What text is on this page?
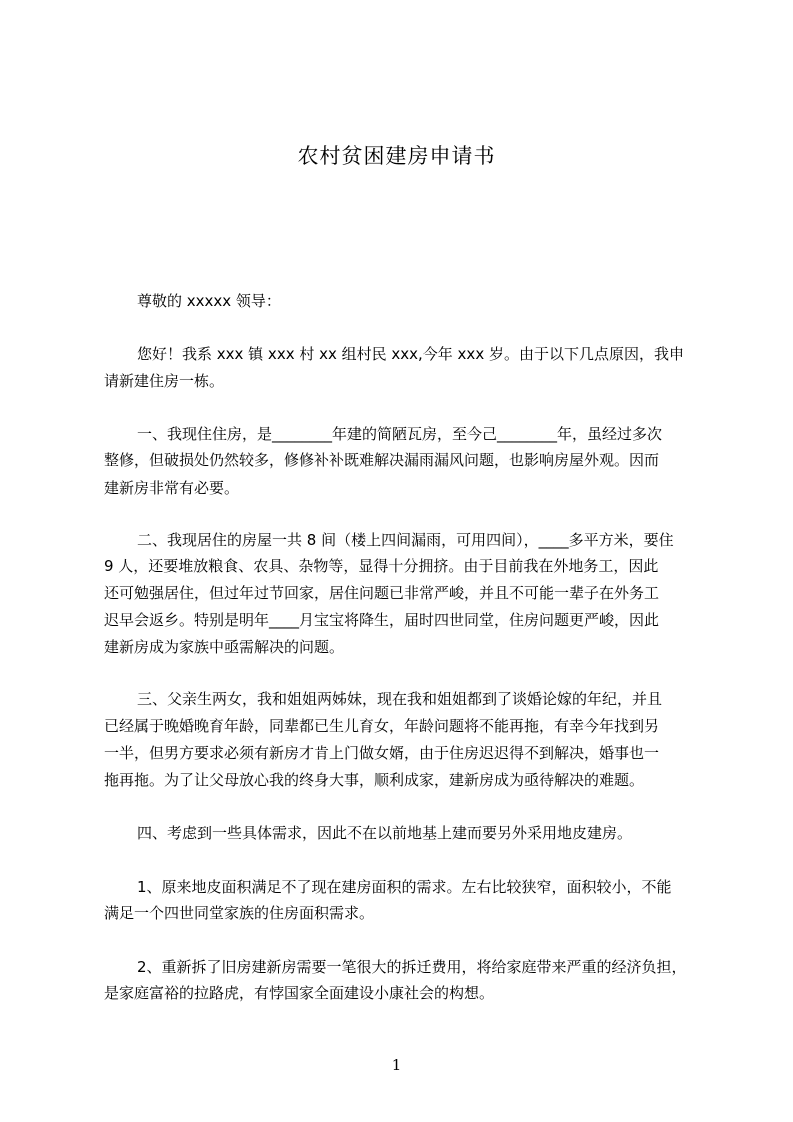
农村贫困建房申请书
尊敬的 xxxxx 领导：
您好！我系 xxx 镇 xxx 村 xx 组村民 xxx,今年 xxx 岁。由于以下几点原因，我申
请新建住房一栋。
一、我现住住房，是________年建的简陋瓦房，至今己________年，虽经过多次
整修，但破损处仍然较多，修修补补既难解决漏雨漏风问题，也影响房屋外观。因而
建新房非常有必要。
二、我现居住的房屋一共 8 间（楼上四间漏雨，可用四间），____多平方米，要住
9 人，还要堆放粮食、农具、杂物等，显得十分拥挤。由于目前我在外地务工，因此
还可勉强居住，但过年过节回家，居住问题已非常严峻，并且不可能一辈子在外务工
迟早会返乡。特别是明年____月宝宝将降生，届时四世同堂，住房问题更严峻，因此
建新房成为家族中亟需解决的问题。
三、父亲生两女，我和姐姐两姊妹，现在我和姐姐都到了谈婚论嫁的年纪，并且
已经属于晚婚晚育年龄，同辈都已生儿育女，年龄问题将不能再拖，有幸今年找到另
一半，但男方要求必须有新房才肯上门做女婿，由于住房迟迟得不到解决，婚事也一
拖再拖。为了让父母放心我的终身大事，顺利成家，建新房成为亟待解决的难题。
四、考虑到一些具体需求，因此不在以前地基上建而要另外采用地皮建房。
1、原来地皮面积满足不了现在建房面积的需求。左右比较狭窄，面积较小，不能
满足一个四世同堂家族的住房面积需求。
2、重新拆了旧房建新房需要一笔很大的拆迁费用，将给家庭带来严重的经济负担，
是家庭富裕的拉路虎，有悖国家全面建设小康社会的构想。
1
